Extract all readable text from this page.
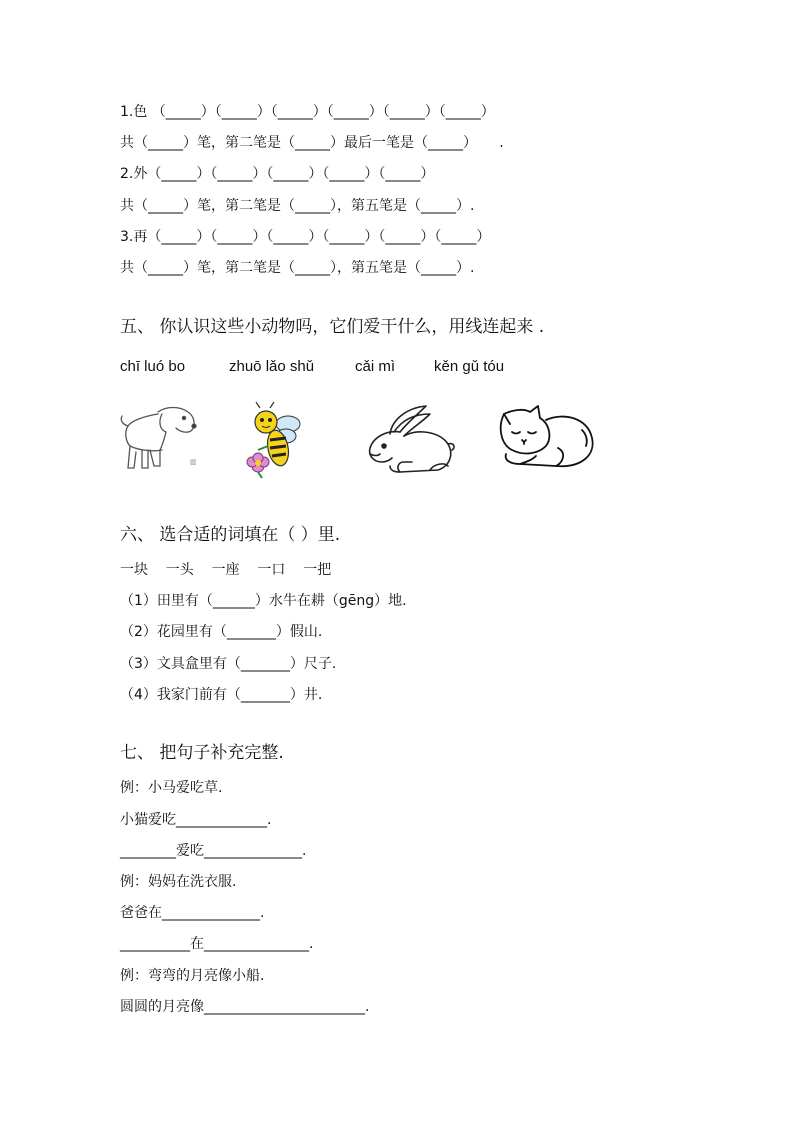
1.色 （_____）（_____）（_____）（_____）（_____）（_____）
共（_____）笔，第二笔是（_____）最后一笔是（_____）     .
2.外（_____）（_____）（_____）（_____）（_____）
共（_____）笔，第二笔是（_____），第五笔是（_____）.
3.再（_____）（_____）（_____）（_____）（_____）（_____）
共（_____）笔，第二笔是（_____），第五笔是（_____）.
五、 你认识这些小动物吗，它们爱干什么，用线连起来 .
chī luó bo	zhuō lǎo shǔ	cǎi mì	kěn gǔ tóu
▥
六、 选合适的词填在（ ）里.
一块    一头    一座    一口    一把
（1）田里有（______）水牛在耕（gēng）地.
（2）花园里有（_______）假山.
（3）文具盒里有（_______）尺子.
（4）我家门前有（_______）井.
七、 把句子补充完整.
例：小马爱吃草.
小猫爱吃_____________.
________爱吃______________.
例：妈妈在洗衣服.
爸爸在______________.
__________在_______________.
例：弯弯的月亮像小船.
圆圆的月亮像_______________________.
